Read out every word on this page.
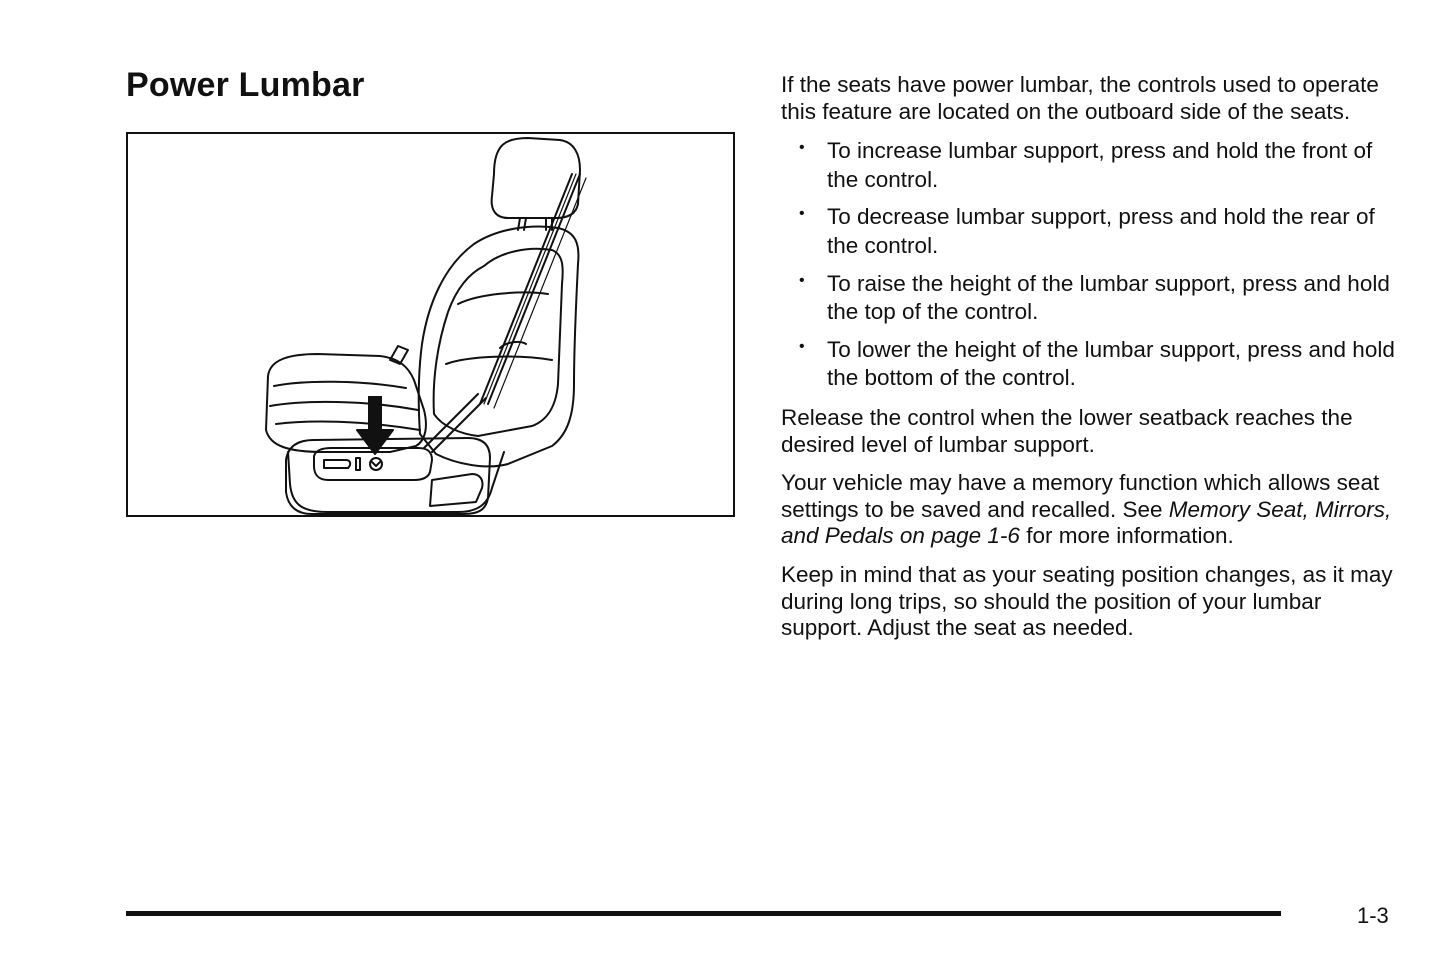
Power Lumbar	If the seats have power lumbar, the controls used to operate this feature are located on the outboard side of the seats.

• To increase lumbar support, press and hold the front of the control.
• To decrease lumbar support, press and hold the rear of the control.
• To raise the height of the lumbar support, press and hold the top of the control.
• To lower the height of the lumbar support, press and hold the bottom of the control.

Release the control when the lower seatback reaches the desired level of lumbar support.

Your vehicle may have a memory function which allows seat settings to be saved and recalled. See Memory Seat, Mirrors, and Pedals on page 1-6 for more information.

Keep in mind that as your seating position changes, as it may during long trips, so should the position of your lumbar support. Adjust the seat as needed.

1-3
